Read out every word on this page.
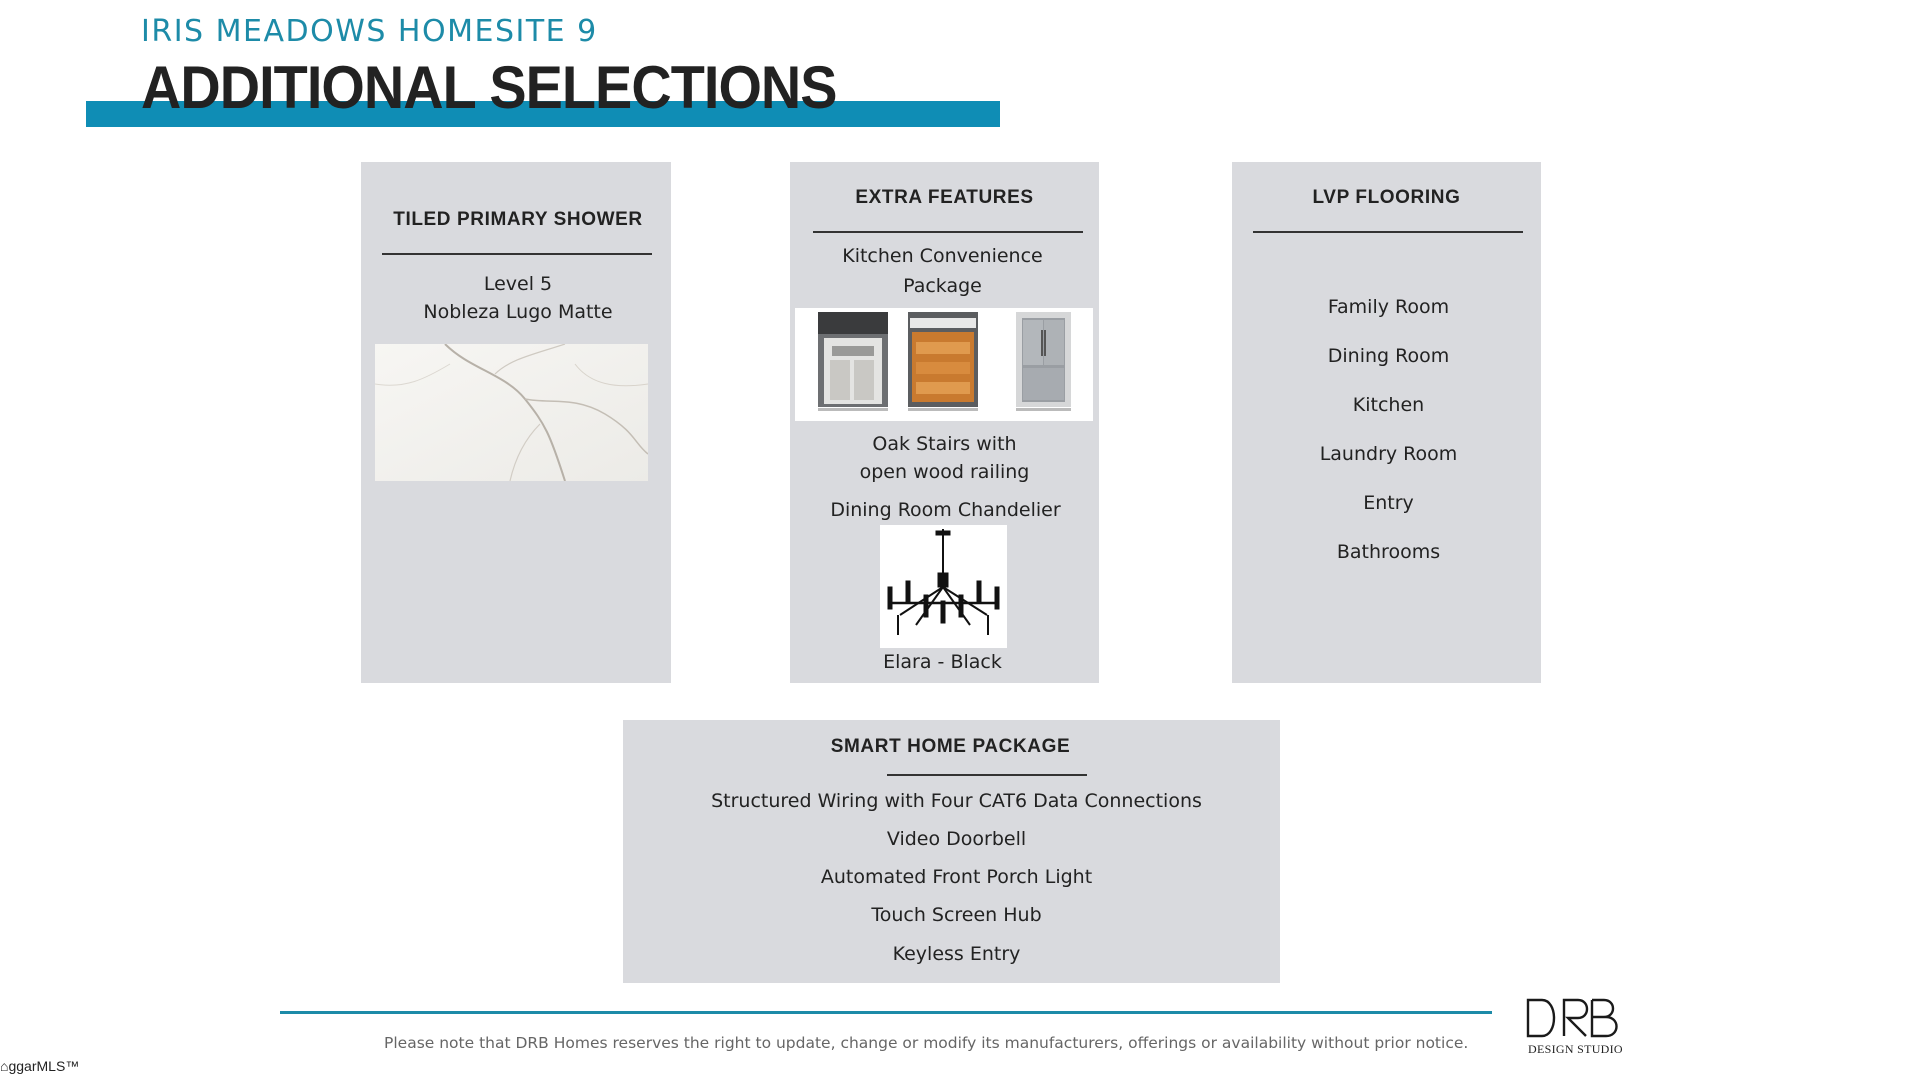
IRIS MEADOWS HOMESITE 9
ADDITIONAL SELECTIONS
TILED PRIMARY SHOWER
Level 5
Nobleza Lugo Matte
EXTRA FEATURES
Kitchen Convenience
Package
Oak Stairs with
open wood railing
Dining Room Chandelier
Elara - Black
LVP FLOORING
Family Room
Dining Room
Kitchen
Laundry Room
Entry
Bathrooms
SMART HOME PACKAGE
Structured Wiring with Four CAT6 Data Connections
Video Doorbell
Automated Front Porch Light
Touch Screen Hub
Keyless Entry
Please note that DRB Homes reserves the right to update, change or modify its manufacturers, offerings or availability without prior notice.	DESIGN STUDIO
⌂ggarMLS™
